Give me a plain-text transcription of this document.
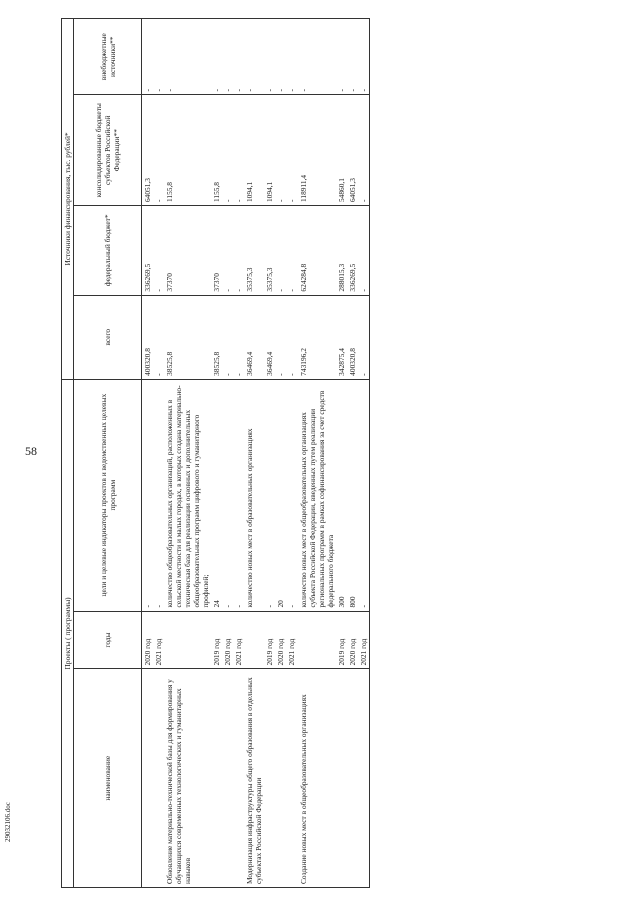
58
29032106.doc
Проекты ( программы)			Источники финансирования, тыс. рублей*			
наименование	годы	цели и целевые индикаторы проектов и ведомственных целевых программ	всего	федеральный бюджет*	консолидированные бюджеты субъектов Российской Федерации**	внебюджетные источники**
	2020 год	-	400320,8	336269,5	64051,3	-
	2021 год	-	-	-	-	-
Обновление материально-технической базы для формирования у обучающихся современных технологических и гуманитарных навыков		количество общеобразовательных организаций, расположенных в сельской местности и малых городах, в которых создана материально-техническая база для реализации основных и дополнительных общеобразовательных программ цифрового и гуманитарного профилей;	38525,8	37370	1155,8	-
	2019 год	24	38525,8	37370	1155,8	-
	2020 год	-	-	-	-	-
	2021 год	-	-	-	-	-
Модернизация инфраструктуры общего образования в отдельных субъектах Российской Федерации		количество новых мест в образовательных организациях	36469,4	35375,3	1094,1	-
	2019 год	-	36469,4	35375,3	1094,1	-
	2020 год	20	-	-	-	-
	2021 год	-	-	-	-	-
Создание новых мест в общеобразовательных организациях		количество новых мест в общеобразовательных организациях субъекта Российской Федерации, введенных путем реализации региональных программ в рамках софинансирования за счет средств федерального бюджета	743196,2	624284,8	118911,4	-
	2019 год	300	342875,4	288015,3	54860,1	-
	2020 год	800	400320,8	336269,5	64051,3	-
	2021 год	-	-	-	-	-
